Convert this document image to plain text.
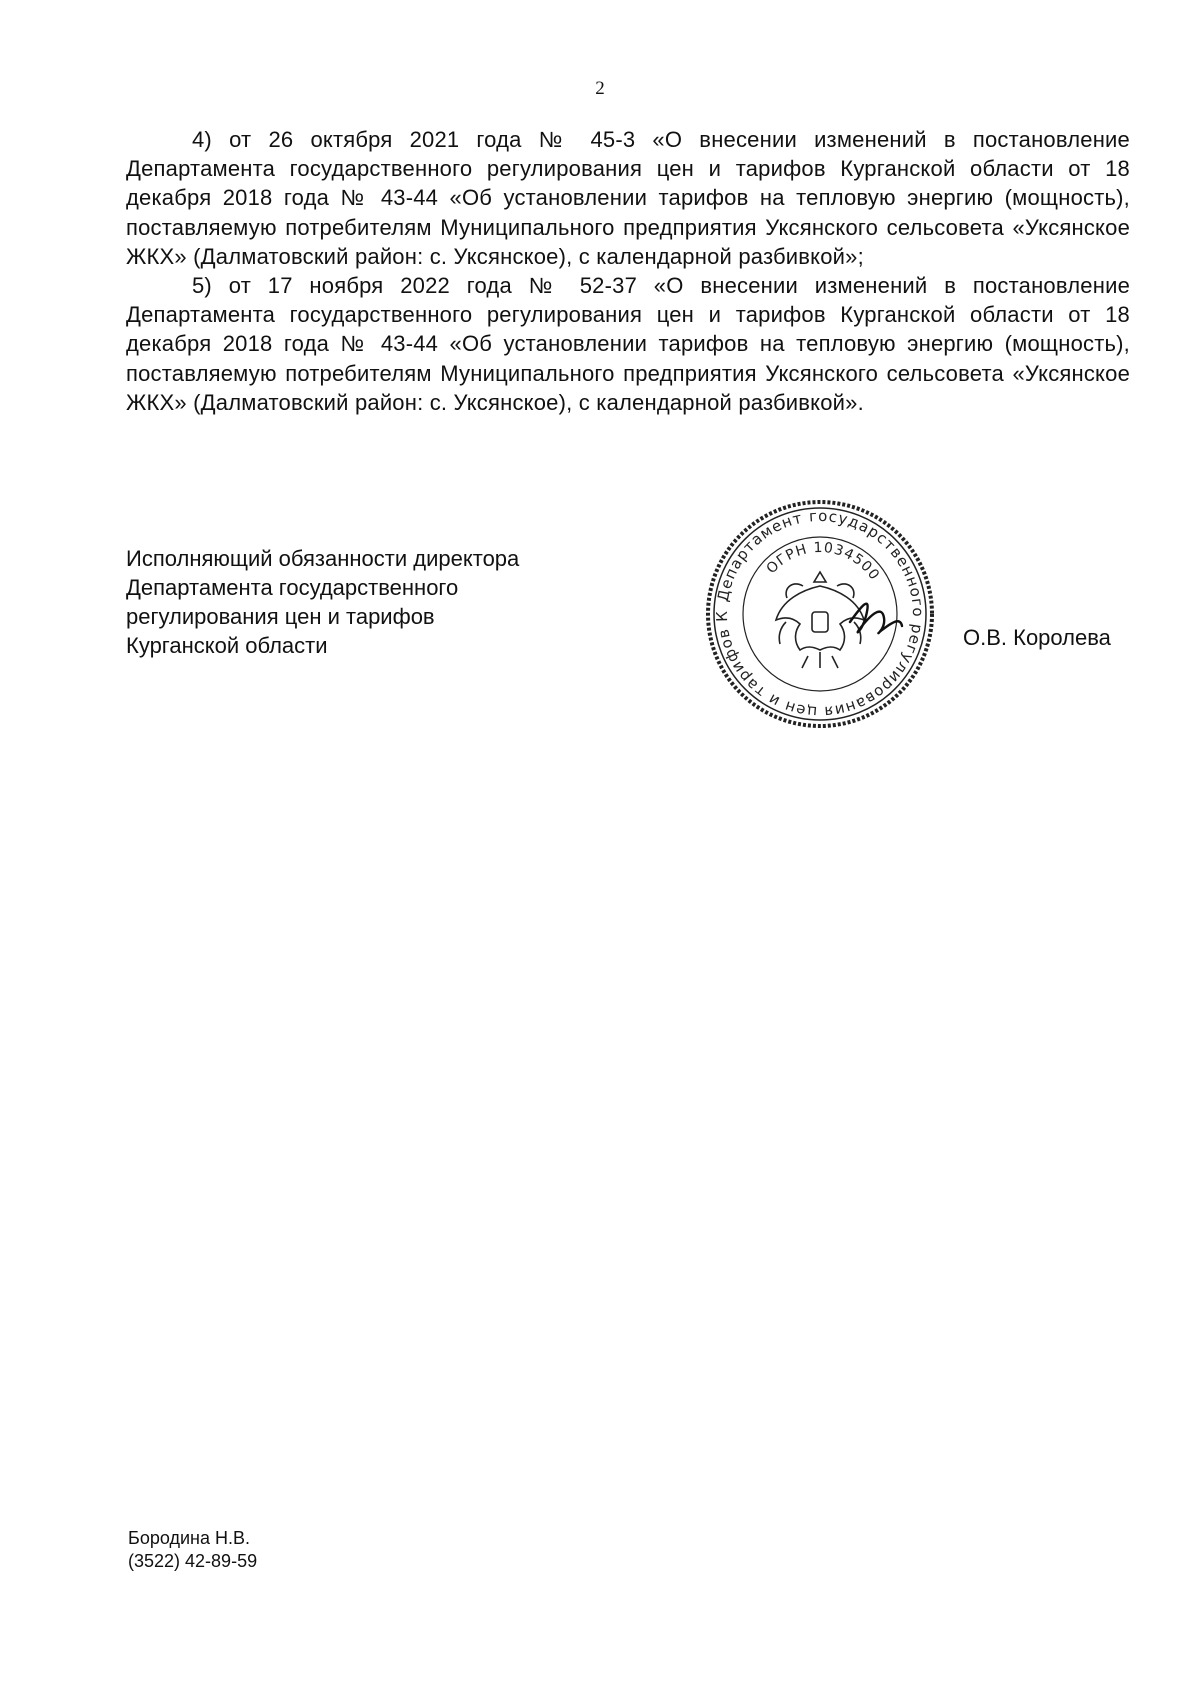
2

4) от 26 октября 2021 года № 45-3 «О внесении изменений в постановление Департамента государственного регулирования цен и тарифов Курганской области от 18 декабря 2018 года № 43-44 «Об установлении тарифов на тепловую энергию (мощность), поставляемую потребителям Муниципального предприятия Уксянского сельсовета «Уксянское ЖКХ» (Далматовский район: с. Уксянское), с календарной разбивкой»;

5) от 17 ноября 2022 года № 52-37 «О внесении изменений в постановление Департамента государственного регулирования цен и тарифов Курганской области от 18 декабря 2018 года № 43-44 «Об установлении тарифов на тепловую энергию (мощность), поставляемую потребителям Муниципального предприятия Уксянского сельсовета «Уксянское ЖКХ» (Далматовский район: с. Уксянское), с календарной разбивкой».

Исполняющий обязанности директора
Департамента государственного
регулирования цен и тарифов
Курганской области
Департамент государственного регулирования цен и тарифов К
ОГРН 1034500
О.В. Королева
Бородина Н.В.
(3522) 42-89-59
